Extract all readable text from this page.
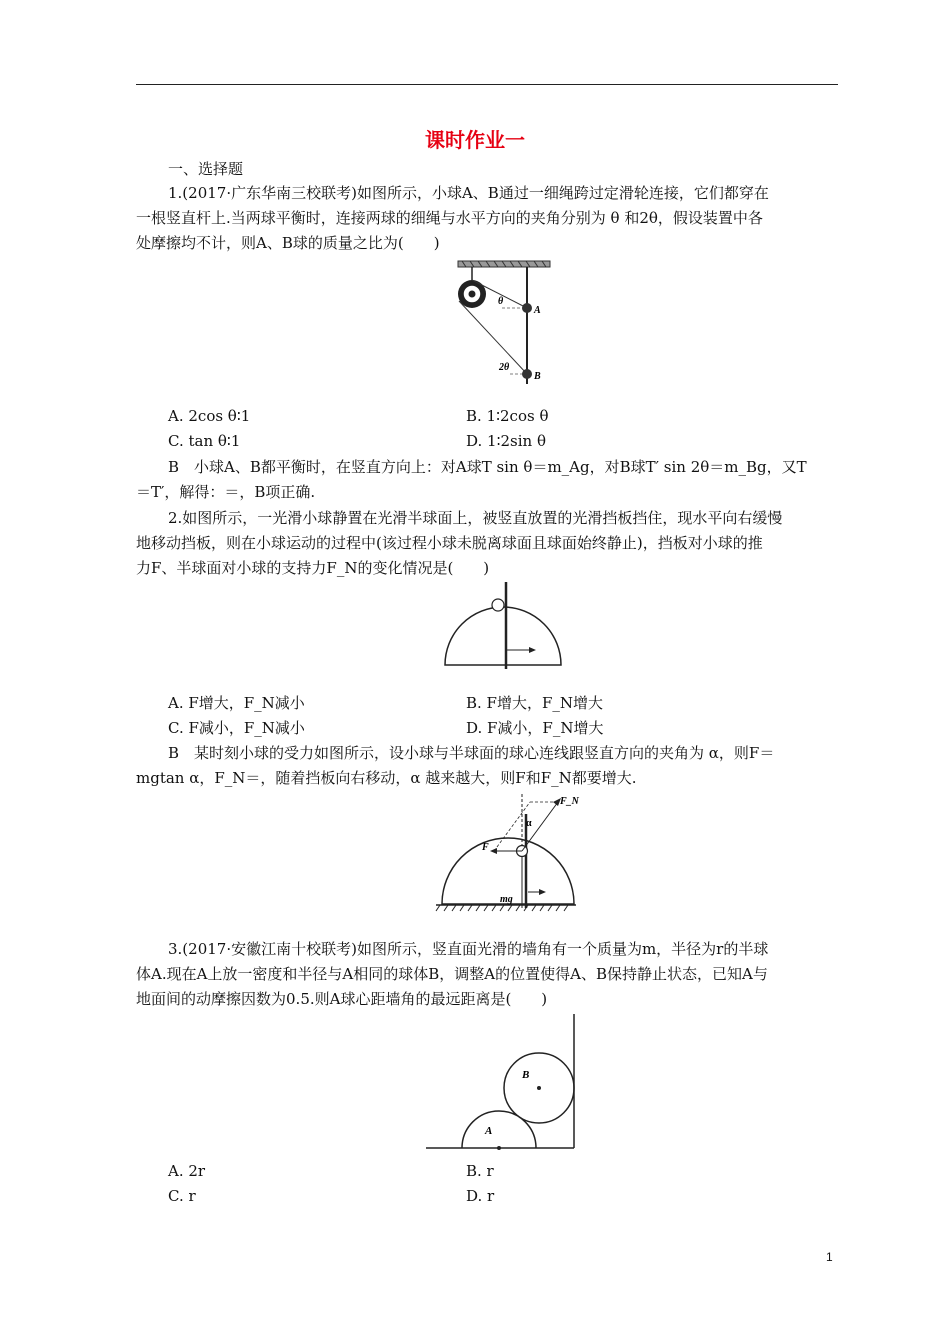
课时作业一
一、选择题
1.(2017·广东华南三校联考)如图所示，小球A、B通过一细绳跨过定滑轮连接，它们都穿在
一根竖直杆上.当两球平衡时，连接两球的细绳与水平方向的夹角分别为 θ 和2θ，假设装置中各
处摩擦均不计，则A、B球的质量之比为(　　)
θ
2θ
A
B
A. 2cos θ∶1	B. 1∶2cos θ
C. tan θ∶1	D. 1∶2sin θ
B　小球A、B都平衡时，在竖直方向上：对A球T sin θ＝m_Ag，对B球T′ sin 2θ＝m_Bg，又T
＝T′，解得：＝，B项正确.
2.如图所示，一光滑小球静置在光滑半球面上，被竖直放置的光滑挡板挡住，现水平向右缓慢
地移动挡板，则在小球运动的过程中(该过程小球未脱离球面且球面始终静止)，挡板对小球的推
力F、半球面对小球的支持力F_N的变化情况是(　　)
A. F增大，F_N减小	B. F增大，F_N增大
C. F减小，F_N减小	D. F减小，F_N增大
B　某时刻小球的受力如图所示，设小球与半球面的球心连线跟竖直方向的夹角为 α，则F＝
mgtan α，F_N＝，随着挡板向右移动，α 越来越大，则F和F_N都要增大.
F_N
α
F
mg
3.(2017·安徽江南十校联考)如图所示，竖直面光滑的墙角有一个质量为m，半径为r的半球
体A.现在A上放一密度和半径与A相同的球体B，调整A的位置使得A、B保持静止状态，已知A与
地面间的动摩擦因数为0.5.则A球心距墙角的最远距离是(　　)
A
B
A. 2r	B. r
C. r	D. r
1
